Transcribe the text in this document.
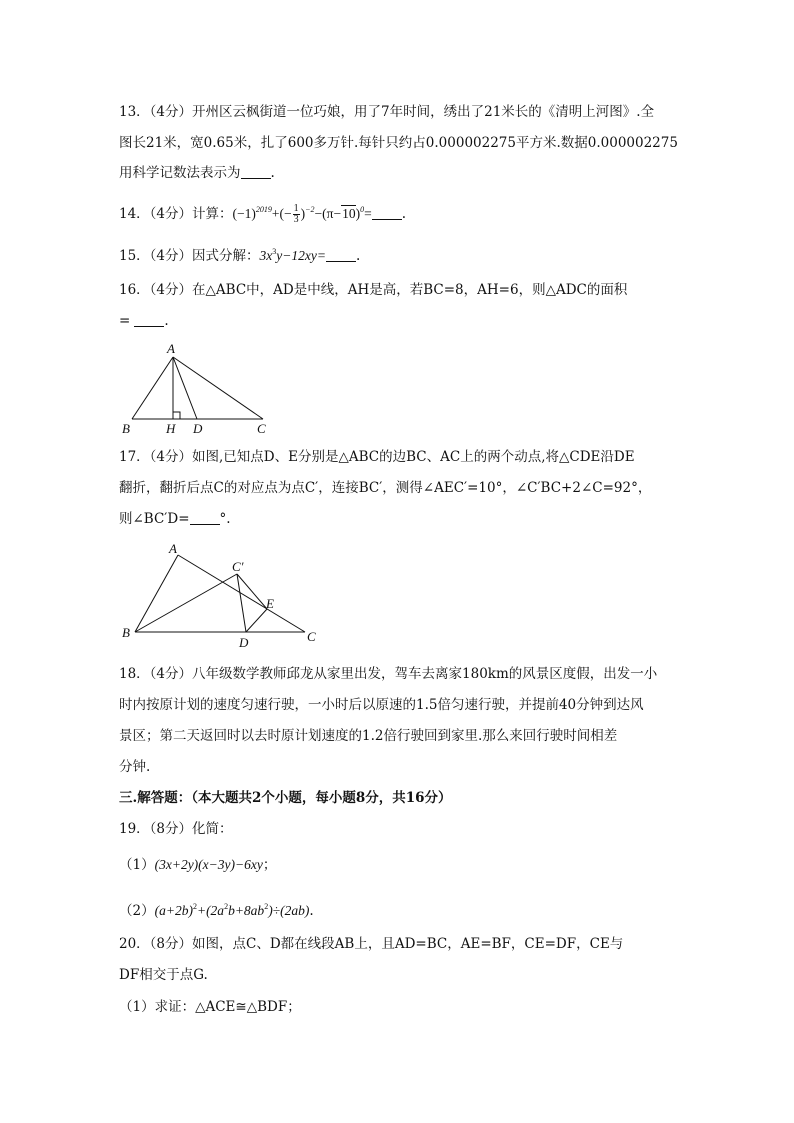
13．（4分）开州区云枫街道一位巧娘，用了7年时间，绣出了21米长的《清明上河图》.全
图长21米，宽0.65米，扎了600多万针.每针只约占0.000002275平方米.数据0.000002275
用科学记数法表示为 .
14．（4分）计算：$(-1)^{2019}+(- \frac{1}{3} )^{-2}-(\pi-10)^0=$ .
15．（4分）因式分解：$3x^3y-12xy=$ .
16．（4分）在△ABC中，AD是中线，AH是高，若BC=8，AH=6，则△ADC的面积
=	.
A
B	H D	C
17．（4分）如图,已知点D、E分别是△ABC的边BC、AC上的两个动点,将△CDE沿DE
翻折，翻折后点C的对应点为点C′，连接BC′，测得∠AEC′=10°，∠C′BC+2∠C=92°，
则∠BC′D= °.
A
C′
E
B
D	C
18．（4分）八年级数学教师邱龙从家里出发，驾车去离家180km的风景区度假，出发一小
时内按原计划的速度匀速行驶，一小时后以原速的1.5倍匀速行驶，并提前40分钟到达风
景区；第二天返回时以去时原计划速度的1.2倍行驶回到家里.那么来回行驶时间相差
分钟.
三.解答题：（本大题共2个小题，每小题8分，共16分）
19．（8分）化简：
（1）(3x+2y)(x−3y)−6xy；
$(2)(a+2b)^2+(2a^2b+8ab^2)\div(2ab)$.
20．（8分）如图，点C、D都在线段AB上，且AD=BC，AE=BF，CE=DF，CE与
DF相交于点G.
（1）求证：△ACE≅△BDF；
